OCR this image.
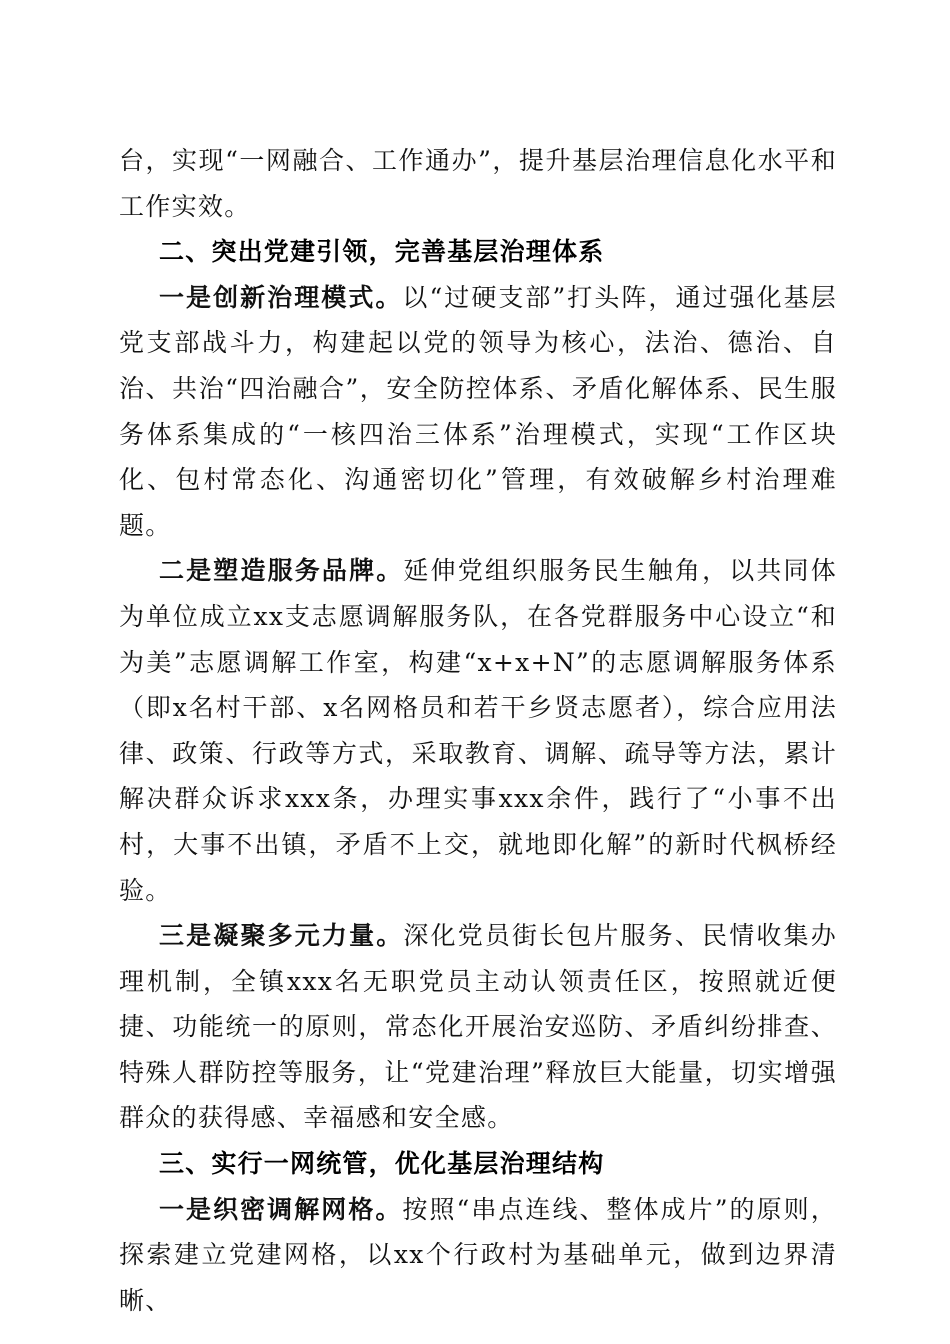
台，实现“一网融合、工作通办”，提升基层治理信息化水平和工作实效。

二、突出党建引领，完善基层治理体系

一是创新治理模式。以“过硬支部”打头阵，通过强化基层党支部战斗力，构建起以党的领导为核心，法治、德治、自治、共治“四治融合”，安全防控体系、矛盾化解体系、民生服务体系集成的“一核四治三体系”治理模式，实现“工作区块化、包村常态化、沟通密切化”管理，有效破解乡村治理难题。

二是塑造服务品牌。延伸党组织服务民生触角，以共同体为单位成立xx支志愿调解服务队，在各党群服务中心设立“和为美”志愿调解工作室，构建“x+x+N”的志愿调解服务体系（即x名村干部、x名网格员和若干乡贤志愿者），综合应用法律、政策、行政等方式，采取教育、调解、疏导等方法，累计解决群众诉求xxx条，办理实事xxx余件，践行了“小事不出村，大事不出镇，矛盾不上交，就地即化解”的新时代枫桥经验。

三是凝聚多元力量。深化党员街长包片服务、民情收集办理机制，全镇xxx名无职党员主动认领责任区，按照就近便捷、功能统一的原则，常态化开展治安巡防、矛盾纠纷排查、特殊人群防控等服务，让“党建治理”释放巨大能量，切实增强群众的获得感、幸福感和安全感。

三、实行一网统管，优化基层治理结构

一是织密调解网格。按照“串点连线、整体成片”的原则，探索建立党建网格，以xx个行政村为基础单元，做到边界清晰、
